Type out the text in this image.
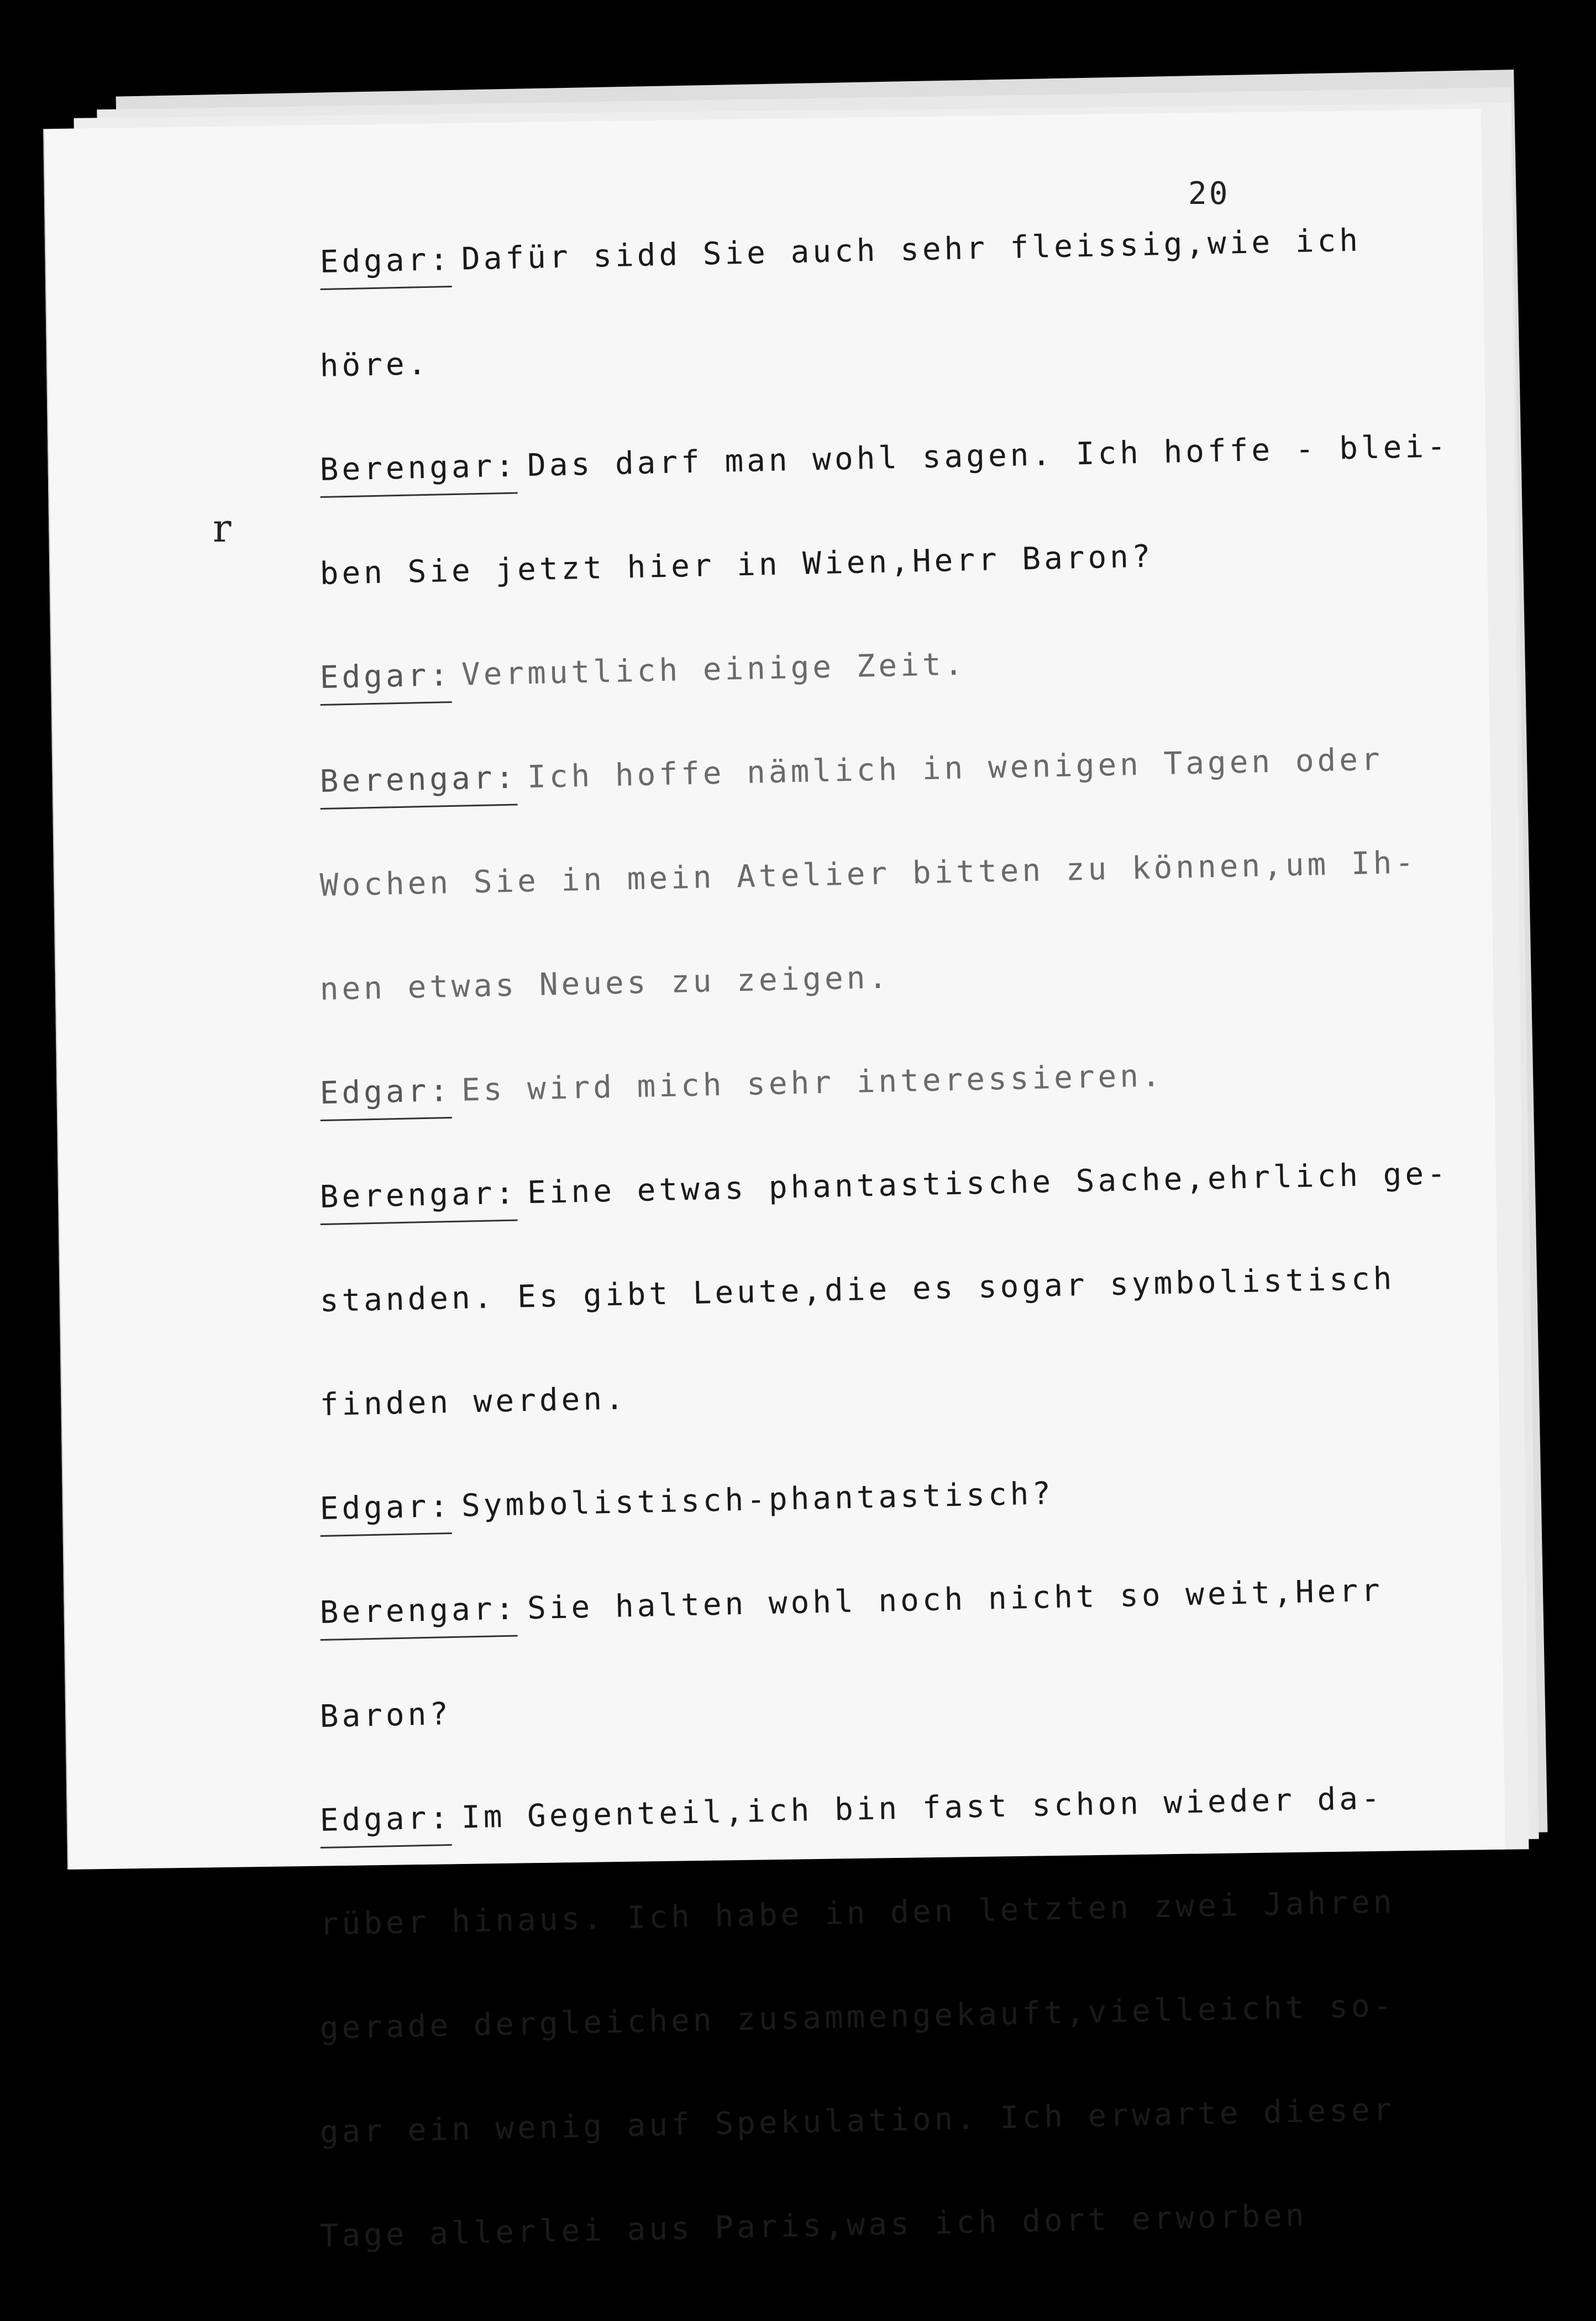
20
r
Edgar: Dafür sidd Sie auch sehr fleissig,wie ich
höre.
Berengar: Das darf man wohl sagen. Ich hoffe - blei-
ben Sie jetzt hier in Wien,Herr Baron?
Edgar: Vermutlich einige Zeit.
Berengar: Ich hoffe nämlich in wenigen Tagen oder
Wochen Sie in mein Atelier bitten zu können,um Ih-
nen etwas Neues zu zeigen.
Edgar: Es wird mich sehr interessieren.
Berengar: Eine etwas phantastische Sache,ehrlich ge-
standen. Es gibt Leute,die es sogar symbolistisch
finden werden.
Edgar: Symbolistisch-phantastisch?
Berengar: Sie halten wohl noch nicht so weit,Herr
Baron?
Edgar: Im Gegenteil,ich bin fast schon wieder da-
rüber hinaus. Ich habe in den letzten zwei Jahren
gerade dergleichen zusammengekauft,vielleicht so-
gar ein wenig auf Spekulation. Ich erwarte dieser
Tage allerlei aus Paris,was ich dort erworben
